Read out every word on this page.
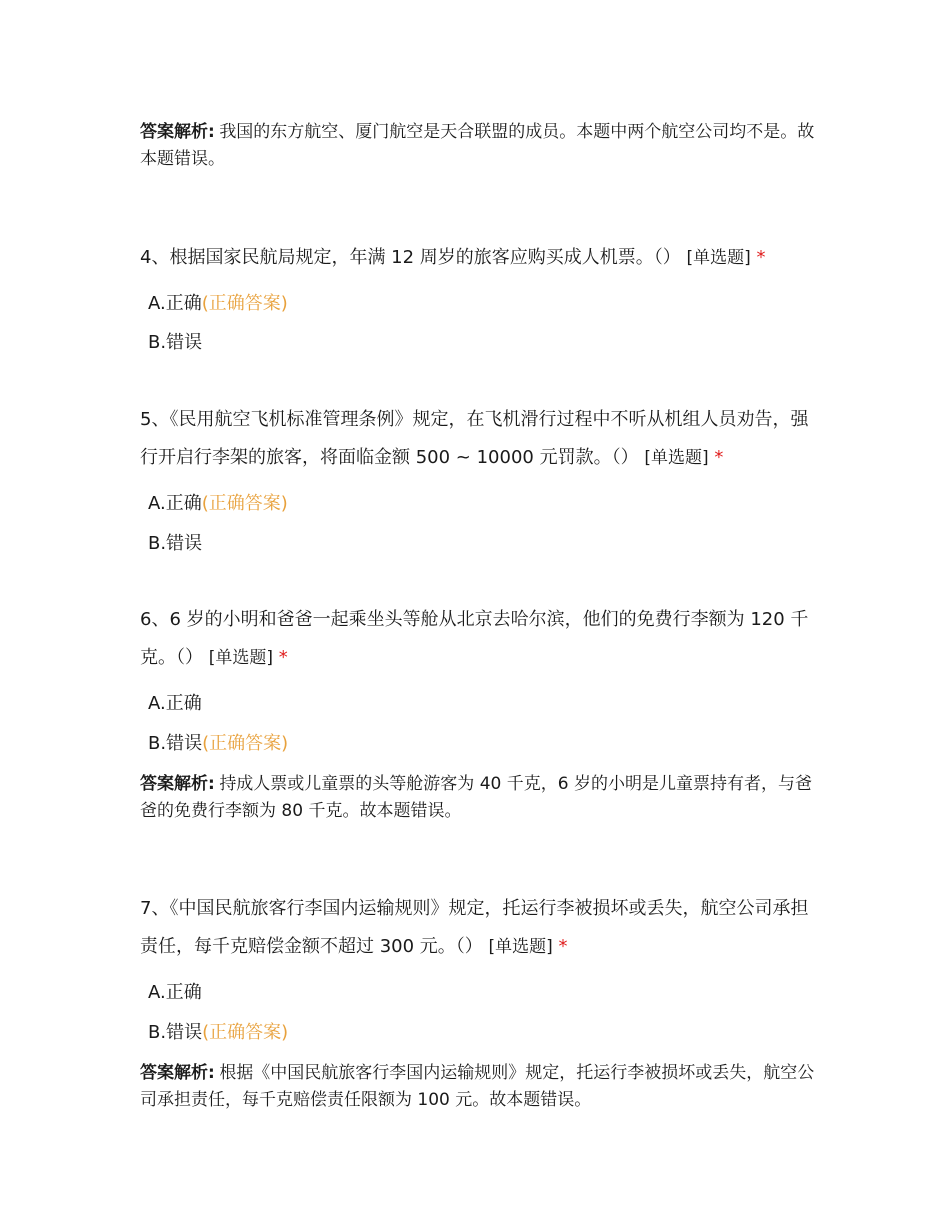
答案解析: 我国的东方航空、厦门航空是天合联盟的成员。本题中两个航空公司均不是。故本题错误。
4、根据国家民航局规定，年满 12 周岁的旅客应购买成人机票。（） [单选题] *
A.正确(正确答案)
B.错误
5、《民用航空飞机标准管理条例》规定，在飞机滑行过程中不听从机组人员劝告，强行开启行李架的旅客，将面临金额 500 ~ 10000 元罚款。（） [单选题] *
A.正确(正确答案)
B.错误
6、6 岁的小明和爸爸一起乘坐头等舱从北京去哈尔滨，他们的免费行李额为 120 千克。（） [单选题] *
A.正确
B.错误(正确答案)
答案解析: 持成人票或儿童票的头等舱游客为 40 千克，6 岁的小明是儿童票持有者，与爸爸的免费行李额为 80 千克。故本题错误。
7、《中国民航旅客行李国内运输规则》规定，托运行李被损坏或丢失，航空公司承担责任，每千克赔偿金额不超过 300 元。（） [单选题] *
A.正确
B.错误(正确答案)
答案解析: 根据《中国民航旅客行李国内运输规则》规定，托运行李被损坏或丢失，航空公司承担责任，每千克赔偿责任限额为 100 元。故本题错误。
